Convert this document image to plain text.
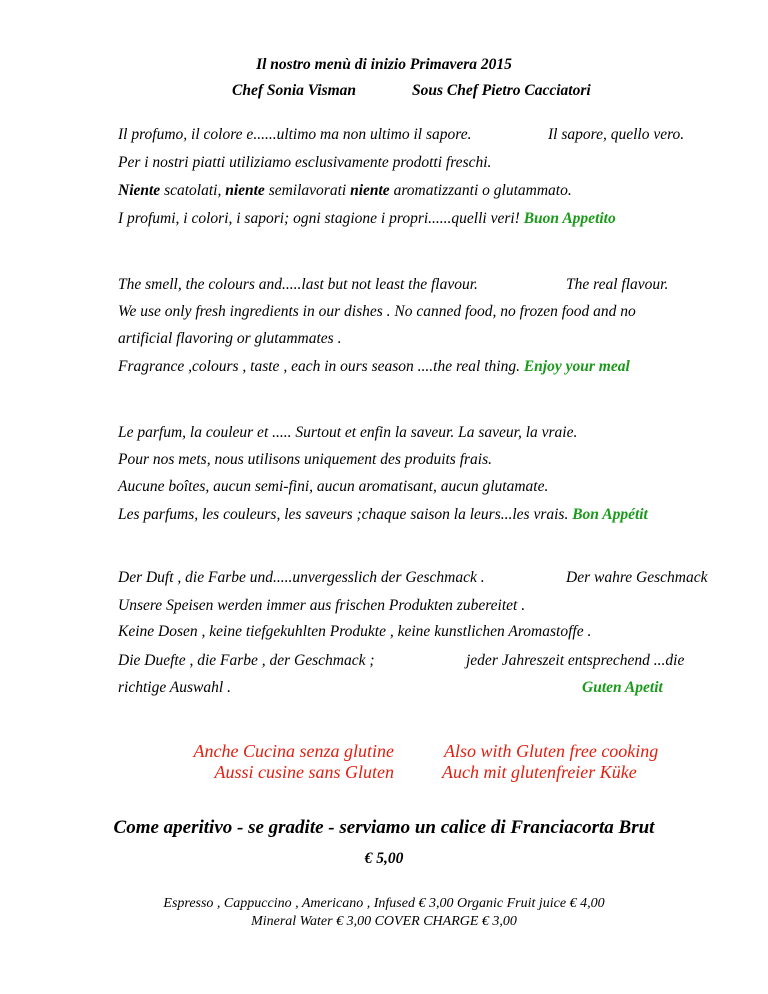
Il nostro menù di inizio Primavera 2015
Chef Sonia Visman	Sous Chef Pietro Cacciatori
Il profumo, il colore e......ultimo ma non ultimo il sapore.	Il sapore, quello vero.
Per i nostri piatti utiliziamo esclusivamente prodotti freschi.
Niente scatolati, niente semilavorati niente aromatizzanti o glutammato.
I profumi, i colori, i sapori; ogni stagione i propri......quelli veri! Buon Appetito
The smell, the colours and.....last but not least the flavour.	The real flavour.
We use only fresh ingredients in our dishes . No canned food, no frozen food and no
artificial flavoring or glutammates .
Fragrance ,colours , taste , each in ours season ....the real thing. Enjoy your meal
Le parfum, la couleur et ..... Surtout et enfin la saveur. La saveur, la vraie.
Pour nos mets, nous utilisons uniquement des produits frais.
Aucune boîtes, aucun semi-fini, aucun aromatisant, aucun glutamate.
Les parfums, les couleurs, les saveurs ;chaque saison la leurs...les vrais. Bon Appétit
Der Duft , die Farbe und.....unvergesslich der Geschmack .	Der wahre Geschmack
Unsere Speisen werden immer aus frischen Produkten zubereitet .
Keine Dosen , keine tiefgekuhlten Produkte , keine kunstlichen Aromastoffe .
Die Duefte , die Farbe , der Geschmack ;	jeder Jahreszeit entsprechend ...die
richtige Auswahl .	Guten Apetit
Anche Cucina senza glutine
Aussi cusine sans Gluten
Also with Gluten free cooking
Auch mit glutenfreier Küke
Come aperitivo - se gradite - serviamo un calice di Franciacorta Brut
€ 5,00
Espresso , Cappuccino , Americano , Infused € 3,00 Organic Fruit juice € 4,00
Mineral Water € 3,00 COVER CHARGE € 3,00
